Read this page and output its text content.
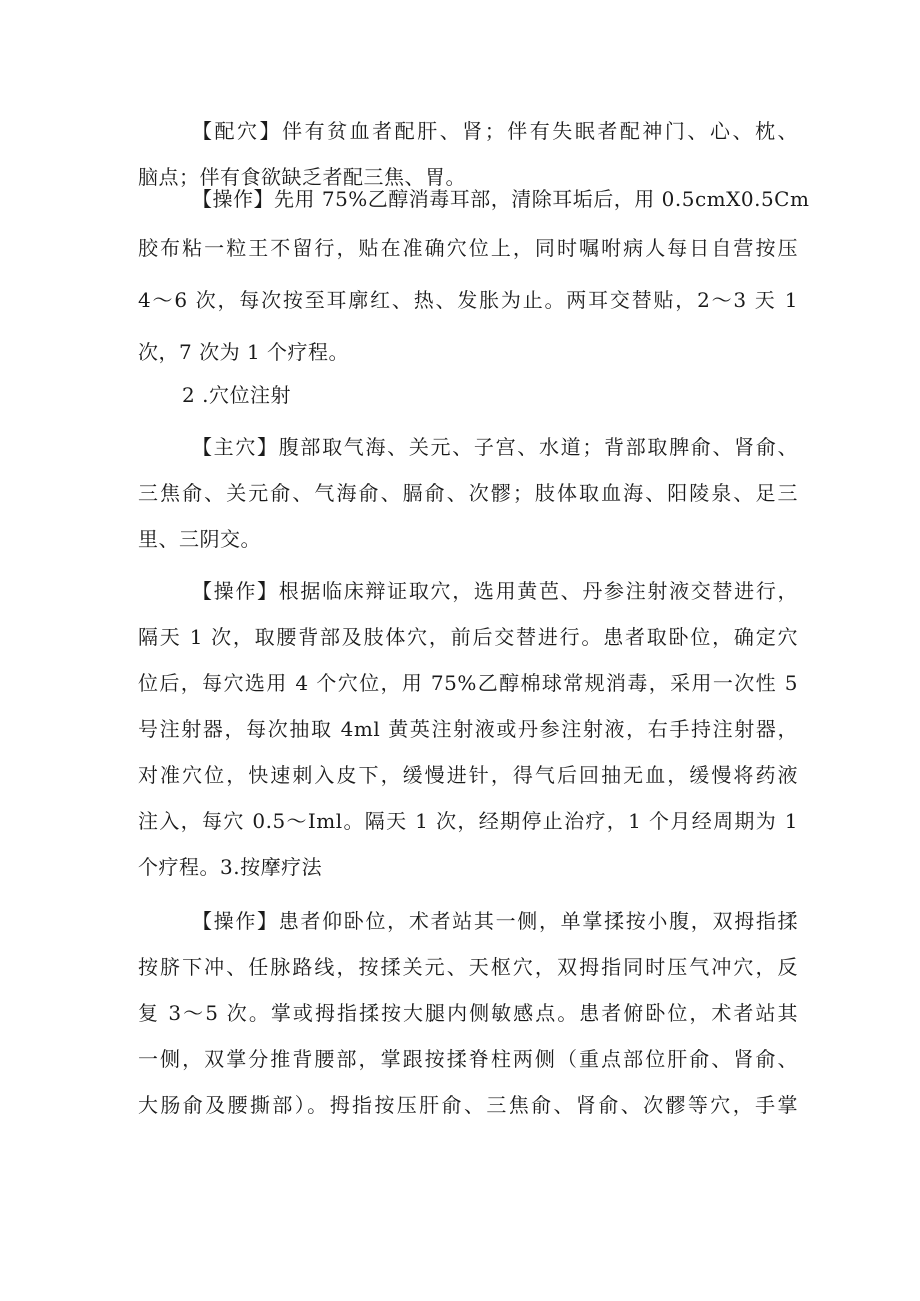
【配穴】伴有贫血者配肝、肾；伴有失眠者配神门、心、枕、
脑点；伴有食欲缺乏者配三焦、胃。
【操作】先用 75%乙醇消毒耳部，清除耳垢后，用 0.5cmX0.5Cm
胶布粘一粒王不留行，贴在准确穴位上，同时嘱咐病人每日自营按压
4～6 次，每次按至耳廓红、热、发胀为止。两耳交替贴，2～3 天 1
次，7 次为 1 个疗程。
2 .穴位注射
【主穴】腹部取气海、关元、子宫、水道；背部取脾俞、肾俞、
三焦俞、关元俞、气海俞、膈俞、次髎；肢体取血海、阳陵泉、足三
里、三阴交。
【操作】根据临床辩证取穴，选用黄芭、丹参注射液交替进行，
隔天 1 次，取腰背部及肢体穴，前后交替进行。患者取卧位，确定穴
位后，每穴选用 4 个穴位，用 75%乙醇棉球常规消毒，采用一次性 5
号注射器，每次抽取 4ml 黄英注射液或丹参注射液，右手持注射器，
对准穴位，快速刺入皮下，缓慢进针，得气后回抽无血，缓慢将药液
注入，每穴 0.5～Iml。隔天 1 次，经期停止治疗，1 个月经周期为 1
个疗程。3.按摩疗法
【操作】患者仰卧位，术者站其一侧，单掌揉按小腹，双拇指揉
按脐下冲、任脉路线，按揉关元、天枢穴，双拇指同时压气冲穴，反
复 3～5 次。掌或拇指揉按大腿内侧敏感点。患者俯卧位，术者站其
一侧，双掌分推背腰部，掌跟按揉脊柱两侧（重点部位肝俞、肾俞、
大肠俞及腰撕部）。拇指按压肝俞、三焦俞、肾俞、次髎等穴，手掌
